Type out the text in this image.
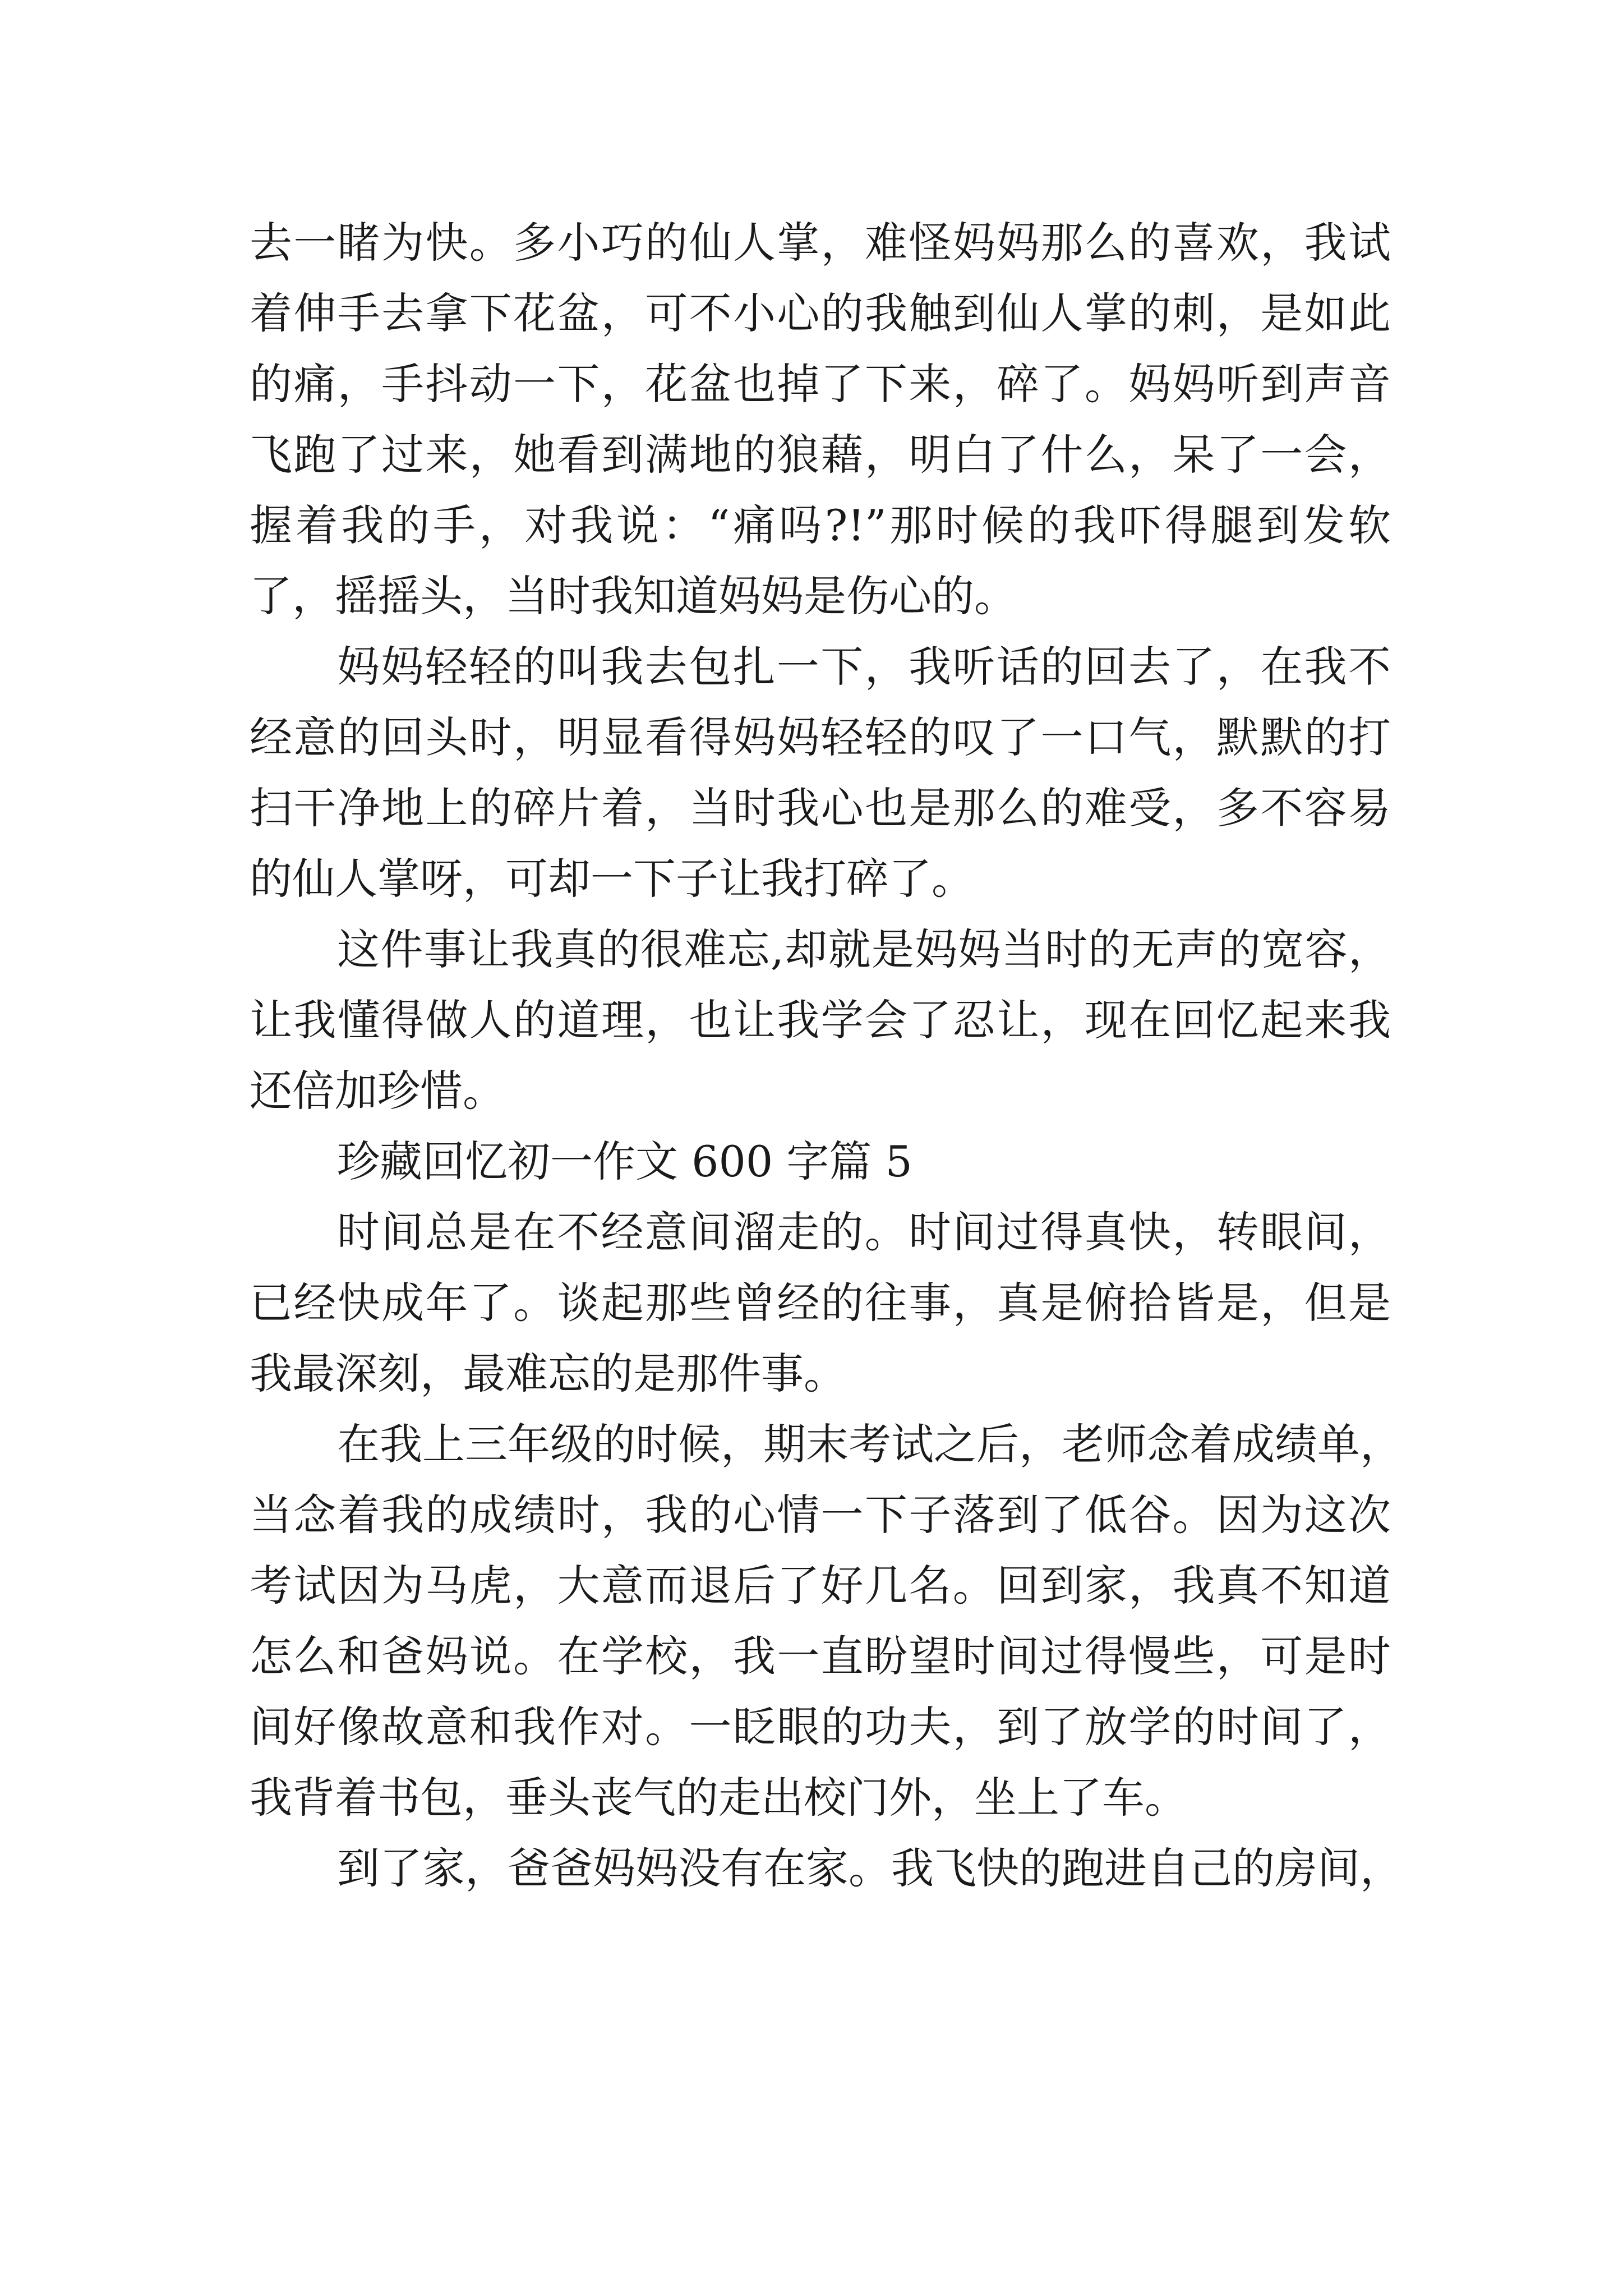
去一睹为快。多小巧的仙人掌，难怪妈妈那么的喜欢，我试
着伸手去拿下花盆，可不小心的我触到仙人掌的刺，是如此
的痛，手抖动一下，花盆也掉了下来，碎了。妈妈听到声音
飞跑了过来，她看到满地的狼藉，明白了什么，呆了一会，
握着我的手，对我说：“痛吗?!”那时候的我吓得腿到发软
了，摇摇头，当时我知道妈妈是伤心的。

妈妈轻轻的叫我去包扎一下，我听话的回去了，在我不
经意的回头时，明显看得妈妈轻轻的叹了一口气，默默的打
扫干净地上的碎片着，当时我心也是那么的难受，多不容易
的仙人掌呀，可却一下子让我打碎了。

这件事让我真的很难忘,却就是妈妈当时的无声的宽容，
让我懂得做人的道理，也让我学会了忍让，现在回忆起来我
还倍加珍惜。

珍藏回忆初一作文 600 字篇 5

时间总是在不经意间溜走的。时间过得真快，转眼间，
已经快成年了。谈起那些曾经的往事，真是俯拾皆是，但是
我最深刻，最难忘的是那件事。

在我上三年级的时候，期末考试之后，老师念着成绩单，
当念着我的成绩时，我的心情一下子落到了低谷。因为这次
考试因为马虎，大意而退后了好几名。回到家，我真不知道
怎么和爸妈说。在学校，我一直盼望时间过得慢些，可是时
间好像故意和我作对。一眨眼的功夫，到了放学的时间了，
我背着书包，垂头丧气的走出校门外，坐上了车。

到了家，爸爸妈妈没有在家。我飞快的跑进自己的房间，
